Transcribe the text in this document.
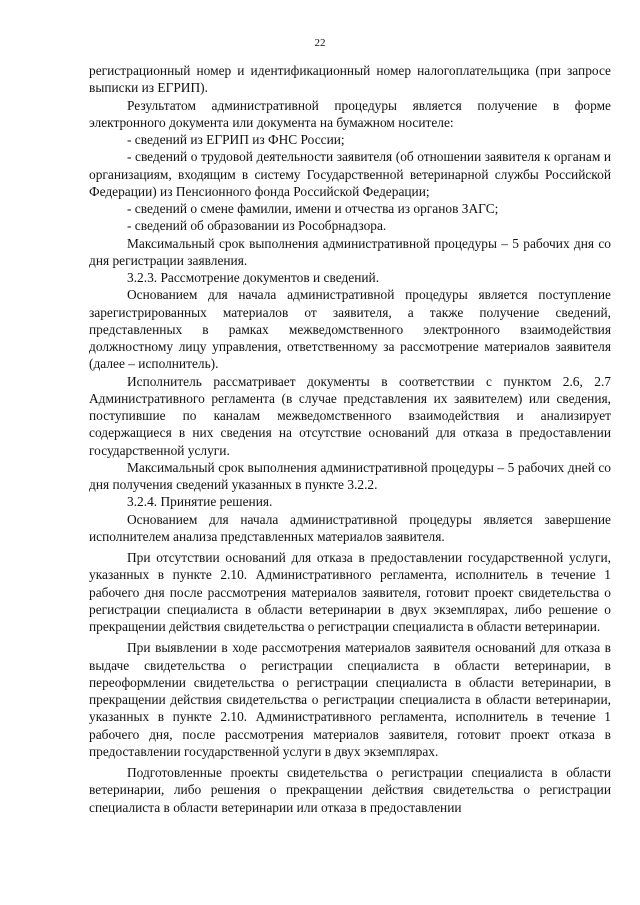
22

регистрационный номер и идентификационный номер налогоплательщика (при запросе выписки из ЕГРИП).

Результатом административной процедуры является получение в форме электронного документа или документа на бумажном носителе:

- сведений из ЕГРИП из ФНС России;

- сведений о трудовой деятельности заявителя (об отношении заявителя к органам и организациям, входящим в систему Государственной ветеринарной службы Российской Федерации) из Пенсионного фонда Российской Федерации;

- сведений о смене фамилии, имени и отчества из органов ЗАГС;

- сведений об образовании из Рособрнадзора.

Максимальный срок выполнения административной процедуры – 5 рабочих дня со дня регистрации заявления.

3.2.3. Рассмотрение документов и сведений.

Основанием для начала административной процедуры является поступление зарегистрированных материалов от заявителя, а также получение сведений, представленных в рамках межведомственного электронного взаимодействия должностному лицу управления, ответственному за рассмотрение материалов заявителя (далее – исполнитель).

Исполнитель рассматривает документы в соответствии с пунктом 2.6, 2.7 Административного регламента (в случае представления их заявителем) или сведения, поступившие по каналам межведомственного взаимодействия и анализирует содержащиеся в них сведения на отсутствие оснований для отказа в предоставлении государственной услуги.

Максимальный срок выполнения административной процедуры – 5 рабочих дней со дня получения сведений указанных в пункте 3.2.2.

3.2.4. Принятие решения.

Основанием для начала административной процедуры является завершение исполнителем анализа представленных материалов заявителя.

При отсутствии оснований для отказа в предоставлении государственной услуги, указанных в пункте 2.10. Административного регламента, исполнитель в течение 1 рабочего дня после рассмотрения материалов заявителя, готовит проект свидетельства о регистрации специалиста в области ветеринарии в двух экземплярах, либо решение о прекращении действия свидетельства о регистрации специалиста в области ветеринарии.

При выявлении в ходе рассмотрения материалов заявителя оснований для отказа в выдаче свидетельства о регистрации специалиста в области ветеринарии, в переоформлении свидетельства о регистрации специалиста в области ветеринарии, в прекращении действия свидетельства о регистрации специалиста в области ветеринарии, указанных в пункте 2.10. Административного регламента, исполнитель в течение 1 рабочего дня, после рассмотрения материалов заявителя, готовит проект отказа в предоставлении государственной услуги в двух экземплярах.

Подготовленные проекты свидетельства о регистрации специалиста в области ветеринарии, либо решения о прекращении действия свидетельства о регистрации специалиста в области ветеринарии или отказа в предоставлении
